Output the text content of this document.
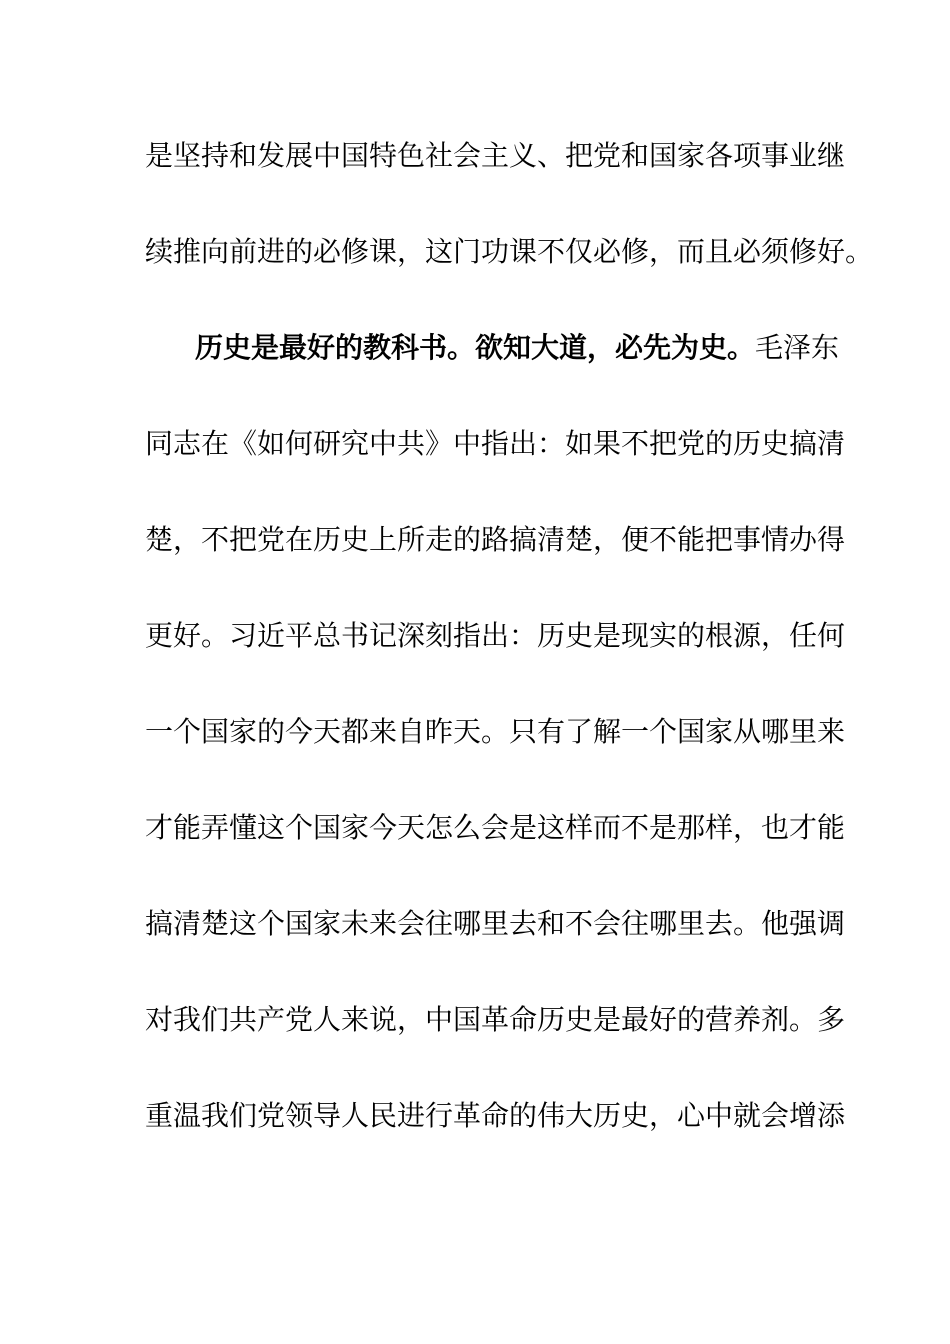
是坚持和发展中国特色社会主义、把党和国家各项事业继
续推向前进的必修课，这门功课不仅必修，而且必须修好。
历史是最好的教科书。欲知大道，必先为史。毛泽东
同志在《如何研究中共》中指出：如果不把党的历史搞清
楚，不把党在历史上所走的路搞清楚，便不能把事情办得
更好。习近平总书记深刻指出：历史是现实的根源，任何
一个国家的今天都来自昨天。只有了解一个国家从哪里来
才能弄懂这个国家今天怎么会是这样而不是那样，也才能
搞清楚这个国家未来会往哪里去和不会往哪里去。他强调
对我们共产党人来说，中国革命历史是最好的营养剂。多
重温我们党领导人民进行革命的伟大历史，心中就会增添
